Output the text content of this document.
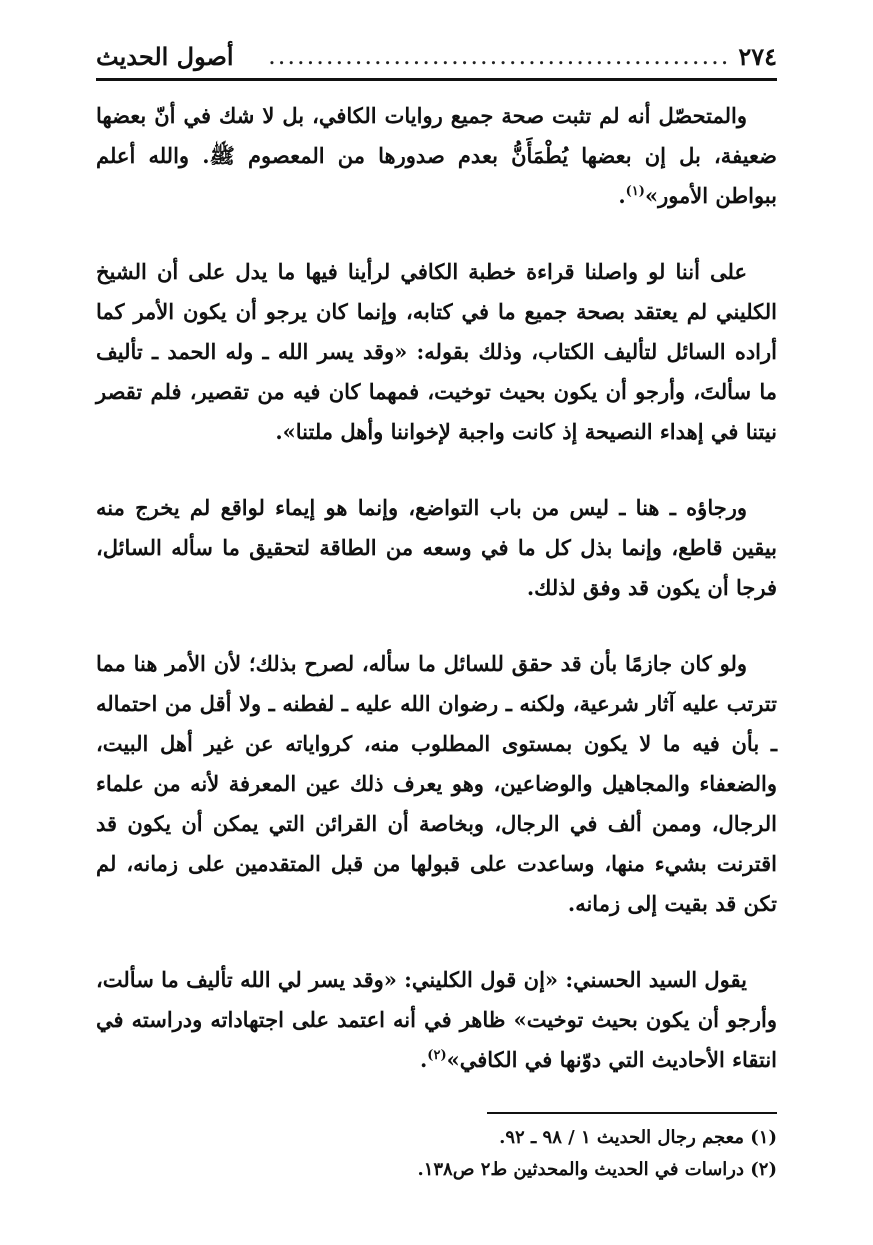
٢٧٤
................................................
أصول الحديث

والمتحصّل أنه لم تثبت صحة جميع روايات الكافي، بل لا شك في أنّ بعضها ضعيفة، بل إن بعضها يُطْمَأَنُّ بعدم صدورها من المعصوم ﷺ. والله أعلم ببواطن الأمور»$^{(١)}$.

على أننا لو واصلنا قراءة خطبة الكافي لرأينا فيها ما يدل على أن الشيخ الكليني لم يعتقد بصحة جميع ما في كتابه، وإنما كان يرجو أن يكون الأمر كما أراده السائل لتأليف الكتاب، وذلك بقوله: «وقد يسر الله ـ وله الحمد ـ تأليف ما سألتَ، وأرجو أن يكون بحيث توخيت، فمهما كان فيه من تقصير، فلم تقصر نيتنا في إهداء النصيحة إذ كانت واجبة لإخواننا وأهل ملتنا».

ورجاؤه ـ هنا ـ ليس من باب التواضع، وإنما هو إيماء لواقع لم يخرج منه بيقين قاطع، وإنما بذل كل ما في وسعه من الطاقة لتحقيق ما سأله السائل، فرجا أن يكون قد وفق لذلك.

ولو كان جازمًا بأن قد حقق للسائل ما سأله، لصرح بذلك؛ لأن الأمر هنا مما تترتب عليه آثار شرعية، ولكنه ـ رضوان الله عليه ـ لفطنه ـ ولا أقل من احتماله ـ بأن فيه ما لا يكون بمستوى المطلوب منه، كرواياته عن غير أهل البيت، والضعفاء والمجاهيل والوضاعين، وهو يعرف ذلك عين المعرفة لأنه من علماء الرجال، وممن ألف في الرجال، وبخاصة أن القرائن التي يمكن أن يكون قد اقترنت بشيء منها، وساعدت على قبولها من قبل المتقدمين على زمانه، لم تكن قد بقيت إلى زمانه.

يقول السيد الحسني: «إن قول الكليني: «وقد يسر لي الله تأليف ما سألت، وأرجو أن يكون بحيث توخيت» ظاهر في أنه اعتمد على اجتهاداته ودراسته في انتقاء الأحاديث التي دوّنها في الكافي»$^{(٢)}$.

(١) معجم رجال الحديث ١ / ٩٨ ـ ٩٢.
(٢) دراسات في الحديث والمحدثين ط٢ ص١٣٨.
